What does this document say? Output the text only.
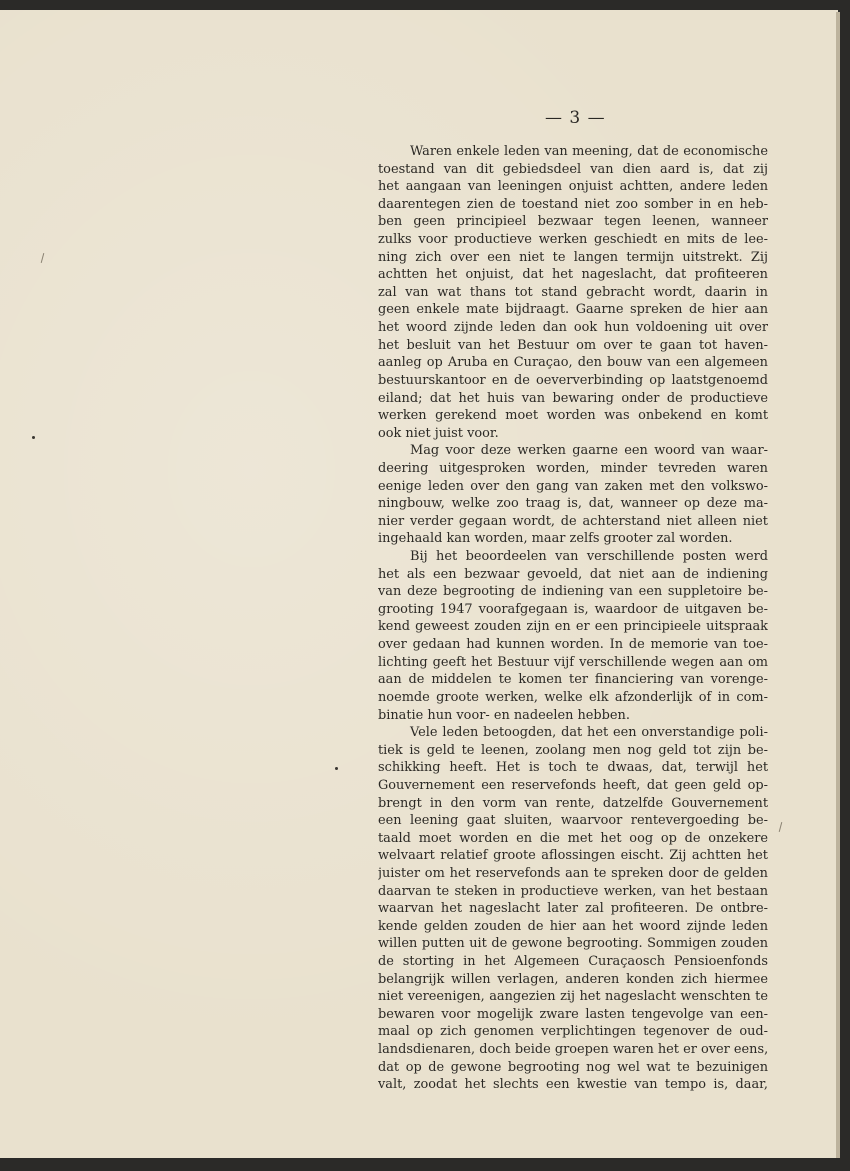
— 3 —
Waren enkele leden van meening, dat de economische
toestand van dit gebiedsdeel van dien aard is, dat zij
het aangaan van leeningen onjuist achtten, andere leden
daarentegen zien de toestand niet zoo somber in en heb-
ben geen principieel bezwaar tegen leenen, wanneer
zulks voor productieve werken geschiedt en mits de lee-
ning zich over een niet te langen termijn uitstrekt. Zij
achtten het onjuist, dat het nageslacht, dat profiteeren
zal van wat thans tot stand gebracht wordt, daarin in
geen enkele mate bijdraagt. Gaarne spreken de hier aan
het woord zijnde leden dan ook hun voldoening uit over
het besluit van het Bestuur om over te gaan tot haven-
aanleg op Aruba en Curaçao, den bouw van een algemeen
bestuurskantoor en de oeververbinding op laatstgenoemd
eiland; dat het huis van bewaring onder de productieve
werken gerekend moet worden was onbekend en komt
ook niet juist voor.
Mag voor deze werken gaarne een woord van waar-
deering uitgesproken worden, minder tevreden waren
eenige leden over den gang van zaken met den volkswo-
ningbouw, welke zoo traag is, dat, wanneer op deze ma-
nier verder gegaan wordt, de achterstand niet alleen niet
ingehaald kan worden, maar zelfs grooter zal worden.
Bij het beoordeelen van verschillende posten werd
het als een bezwaar gevoeld, dat niet aan de indiening
van deze begrooting de indiening van een suppletoire be-
grooting 1947 voorafgegaan is, waardoor de uitgaven be-
kend geweest zouden zijn en er een principieele uitspraak
over gedaan had kunnen worden. In de memorie van toe-
lichting geeft het Bestuur vijf verschillende wegen aan om
aan de middelen te komen ter financiering van vorenge-
noemde groote werken, welke elk afzonderlijk of in com-
binatie hun voor- en nadeelen hebben.
Vele leden betoogden, dat het een onverstandige poli-
tiek is geld te leenen, zoolang men nog geld tot zijn be-
schikking heeft. Het is toch te dwaas, dat, terwijl het
Gouvernement een reservefonds heeft, dat geen geld op-
brengt in den vorm van rente, datzelfde Gouvernement
een leening gaat sluiten, waarvoor rentevergoeding be-
taald moet worden en die met het oog op de onzekere
welvaart relatief groote aflossingen eischt. Zij achtten het
juister om het reservefonds aan te spreken door de gelden
daarvan te steken in productieve werken, van het bestaan
waarvan het nageslacht later zal profiteeren. De ontbre-
kende gelden zouden de hier aan het woord zijnde leden
willen putten uit de gewone begrooting. Sommigen zouden
de storting in het Algemeen Curaçaosch Pensioenfonds
belangrijk willen verlagen, anderen konden zich hiermee
niet vereenigen, aangezien zij het nageslacht wenschten te
bewaren voor mogelijk zware lasten tengevolge van een-
maal op zich genomen verplichtingen tegenover de oud-
landsdienaren, doch beide groepen waren het er over eens,
dat op de gewone begrooting nog wel wat te bezuinigen
valt, zoodat het slechts een kwestie van tempo is, daar,
